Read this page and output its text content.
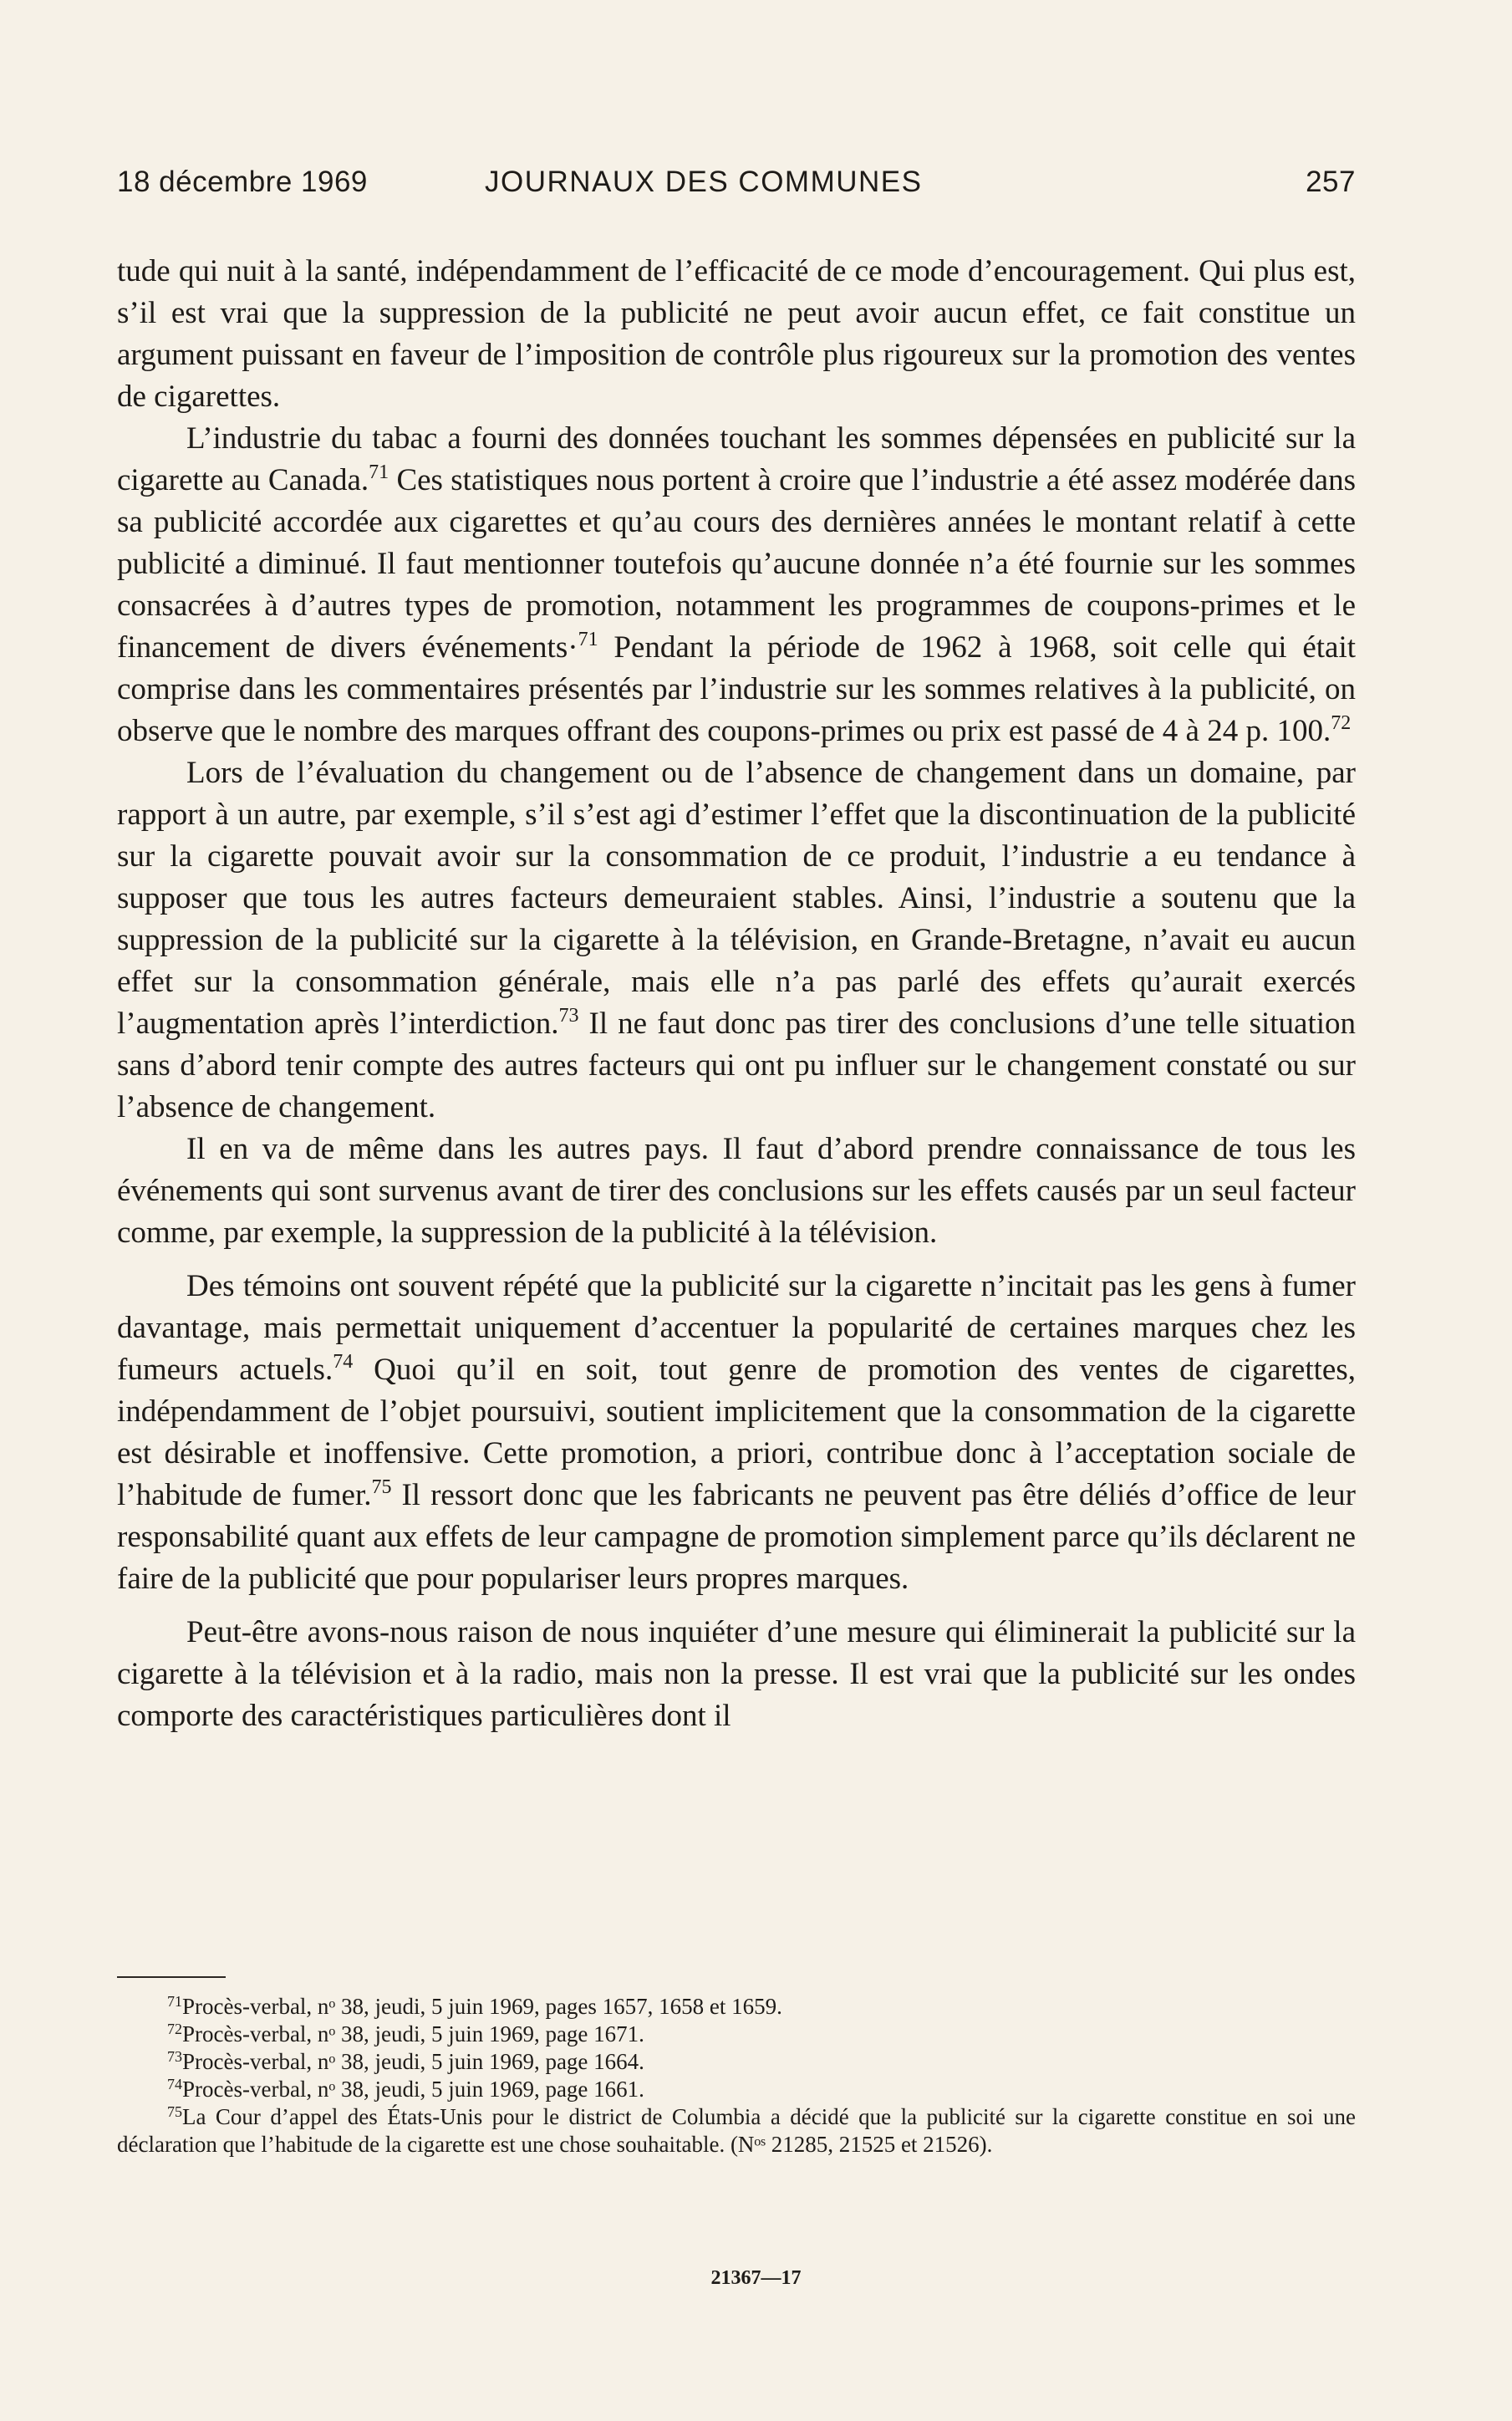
18 décembre 1969	JOURNAUX DES COMMUNES	257

tude qui nuit à la santé, indépendamment de l’efficacité de ce mode d’encouragement. Qui plus est, s’il est vrai que la suppression de la publicité ne peut avoir aucun effet, ce fait constitue un argument puissant en faveur de l’imposition de contrôle plus rigoureux sur la promotion des ventes de cigarettes.

L’industrie du tabac a fourni des données touchant les sommes dépensées en publicité sur la cigarette au Canada.$^{71}$ Ces statistiques nous portent à croire que l’industrie a été assez modérée dans sa publicité accordée aux cigarettes et qu’au cours des dernières années le montant relatif à cette publicité a diminué. Il faut mentionner toutefois qu’aucune donnée n’a été fournie sur les sommes consacrées à d’autres types de promotion, notamment les programmes de coupons-primes et le financement de divers événements·$^{71}$ Pendant la période de 1962 à 1968, soit celle qui était comprise dans les commentaires présentés par l’industrie sur les sommes relatives à la publicité, on observe que le nombre des marques offrant des coupons-primes ou prix est passé de 4 à 24 p. 100.72

Lors de l’évaluation du changement ou de l’absence de changement dans un domaine, par rapport à un autre, par exemple, s’il s’est agi d’estimer l’effet que la discontinuation de la publicité sur la cigarette pouvait avoir sur la consommation de ce produit, l’industrie a eu tendance à supposer que tous les autres facteurs demeuraient stables. Ainsi, l’industrie a soutenu que la suppression de la publicité sur la cigarette à la télévision, en Grande-Bretagne, n’avait eu aucun effet sur la consommation générale, mais elle n’a pas parlé des effets qu’aurait exercés l’augmentation après l’interdiction.$^{73}$ Il ne faut donc pas tirer des conclusions d’une telle situation sans d’abord tenir compte des autres facteurs qui ont pu influer sur le changement constaté ou sur l’absence de changement.

Il en va de même dans les autres pays. Il faut d’abord prendre connaissance de tous les événements qui sont survenus avant de tirer des conclusions sur les effets causés par un seul facteur comme, par exemple, la suppression de la publicité à la télévision.

Des témoins ont souvent répété que la publicité sur la cigarette n’incitait pas les gens à fumer davantage, mais permettait uniquement d’accentuer la popularité de certaines marques chez les fumeurs actuels.$^{74}$ Quoi qu’il en soit, tout genre de promotion des ventes de cigarettes, indépendamment de l’objet poursuivi, soutient implicitement que la consommation de la cigarette est désirable et inoffensive. Cette promotion, a priori, contribue donc à l’acceptation sociale de l’habitude de fumer.$^{75}$ Il ressort donc que les fabricants ne peuvent pas être déliés d’office de leur responsabilité quant aux effets de leur campagne de promotion simplement parce qu’ils déclarent ne faire de la publicité que pour populariser leurs propres marques.

Peut-être avons-nous raison de nous inquiéter d’une mesure qui éliminerait la publicité sur la cigarette à la télévision et à la radio, mais non la presse. Il est vrai que la publicité sur les ondes comporte des caractéristiques particulières dont il

$^{71}$Procès-verbal, nᵒ 38, jeudi, 5 juin 1969, pages 1657, 1658 et 1659.

$^{72}$Procès-verbal, nᵒ 38, jeudi, 5 juin 1969, page 1671.

$^{73}$Procès-verbal, nᵒ 38, jeudi, 5 juin 1969, page 1664.

$^{74}$Procès-verbal, nᵒ 38, jeudi, 5 juin 1969, page 1661.

$^{75}$La Cour d’appel des États-Unis pour le district de Columbia a décidé que la publicité sur la cigarette constitue en soi une déclaration que l’habitude de la cigarette est une chose souhaitable. (Nᵒˢ 21285, 21525 et 21526).

21367—17
